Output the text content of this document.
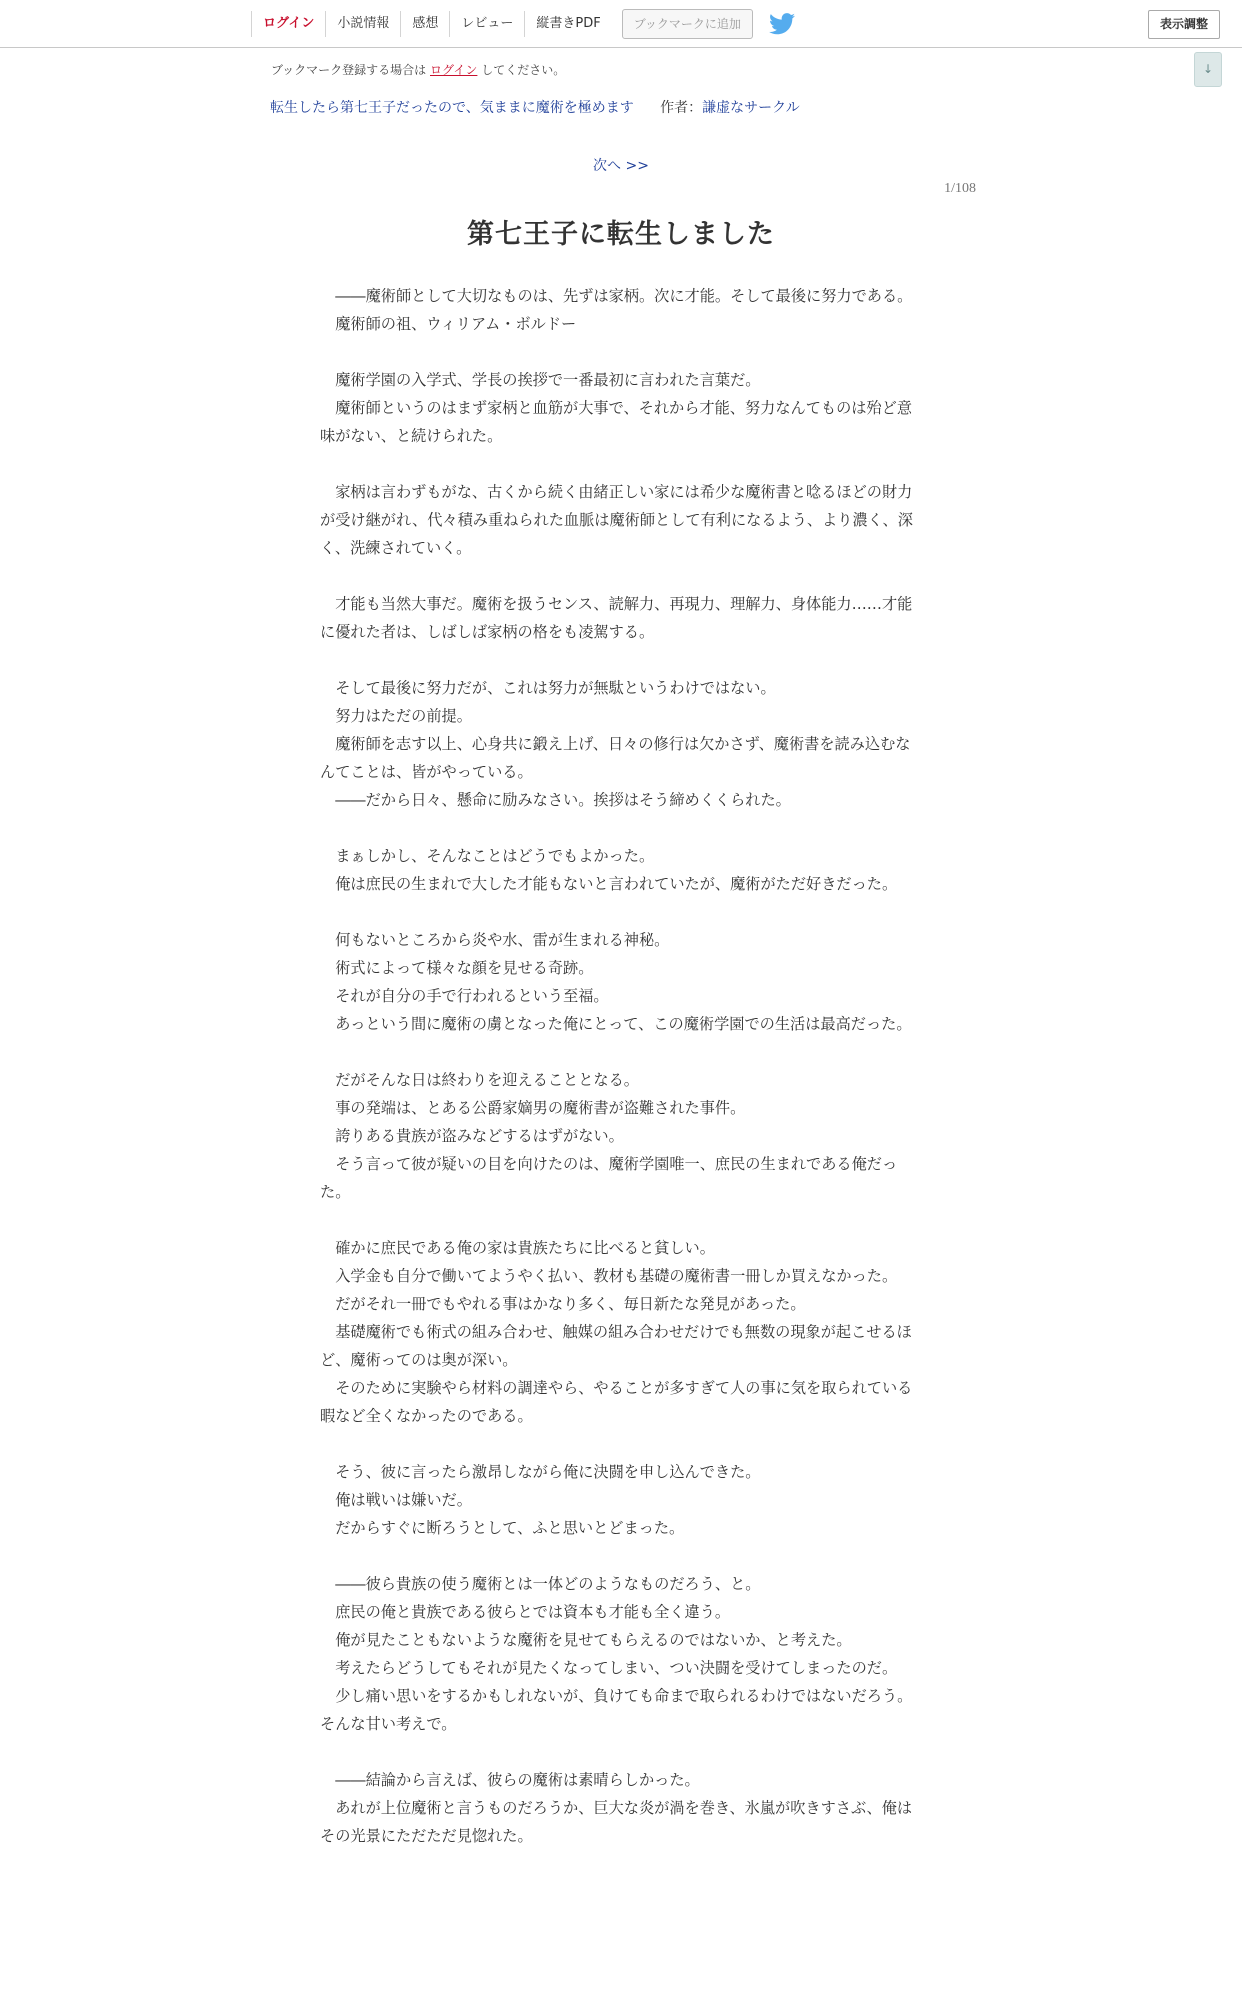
ログイン	小説情報	感想	レビュー	縦書きPDF	ブックマークに追加	表示調整
↓
ブックマーク登録する場合は ログイン してください。
転生したら第七王子だったので、気ままに魔術を極めます 作者：謙虚なサークル
次へ >>
1/108
第七王子に転生しました

――魔術師として大切なものは、先ずは家柄。次に才能。そして最後に努力である。

魔術師の祖、ウィリアム・ボルドー

魔術学園の入学式、学長の挨拶で一番最初に言われた言葉だ。

魔術師というのはまず家柄と血筋が大事で、それから才能、努力なんてものは殆ど意味がない、と続けられた。

家柄は言わずもがな、古くから続く由緒正しい家には希少な魔術書と唸るほどの財力が受け継がれ、代々積み重ねられた血脈は魔術師として有利になるよう、より濃く、深く、洗練されていく。

才能も当然大事だ。魔術を扱うセンス、読解力、再現力、理解力、身体能力……才能に優れた者は、しばしば家柄の格をも凌駕する。

そして最後に努力だが、これは努力が無駄というわけではない。

努力はただの前提。

魔術師を志す以上、心身共に鍛え上げ、日々の修行は欠かさず、魔術書を読み込むなんてことは、皆がやっている。

――だから日々、懸命に励みなさい。挨拶はそう締めくくられた。

まぁしかし、そんなことはどうでもよかった。

俺は庶民の生まれで大した才能もないと言われていたが、魔術がただ好きだった。

何もないところから炎や水、雷が生まれる神秘。

術式によって様々な顔を見せる奇跡。

それが自分の手で行われるという至福。

あっという間に魔術の虜となった俺にとって、この魔術学園での生活は最高だった。

だがそんな日は終わりを迎えることとなる。

事の発端は、とある公爵家嫡男の魔術書が盗難された事件。

誇りある貴族が盗みなどするはずがない。

そう言って彼が疑いの目を向けたのは、魔術学園唯一、庶民の生まれである俺だった。

確かに庶民である俺の家は貴族たちに比べると貧しい。

入学金も自分で働いてようやく払い、教材も基礎の魔術書一冊しか買えなかった。

だがそれ一冊でもやれる事はかなり多く、毎日新たな発見があった。

基礎魔術でも術式の組み合わせ、触媒の組み合わせだけでも無数の現象が起こせるほど、魔術ってのは奥が深い。

そのために実験やら材料の調達やら、やることが多すぎて人の事に気を取られている暇など全くなかったのである。

そう、彼に言ったら激昂しながら俺に決闘を申し込んできた。

俺は戦いは嫌いだ。

だからすぐに断ろうとして、ふと思いとどまった。

――彼ら貴族の使う魔術とは一体どのようなものだろう、と。

庶民の俺と貴族である彼らとでは資本も才能も全く違う。

俺が見たこともないような魔術を見せてもらえるのではないか、と考えた。

考えたらどうしてもそれが見たくなってしまい、つい決闘を受けてしまったのだ。

少し痛い思いをするかもしれないが、負けても命まで取られるわけではないだろう。そんな甘い考えで。

――結論から言えば、彼らの魔術は素晴らしかった。

あれが上位魔術と言うものだろうか、巨大な炎が渦を巻き、氷嵐が吹きすさぶ、俺はその光景にただただ見惚れた。
